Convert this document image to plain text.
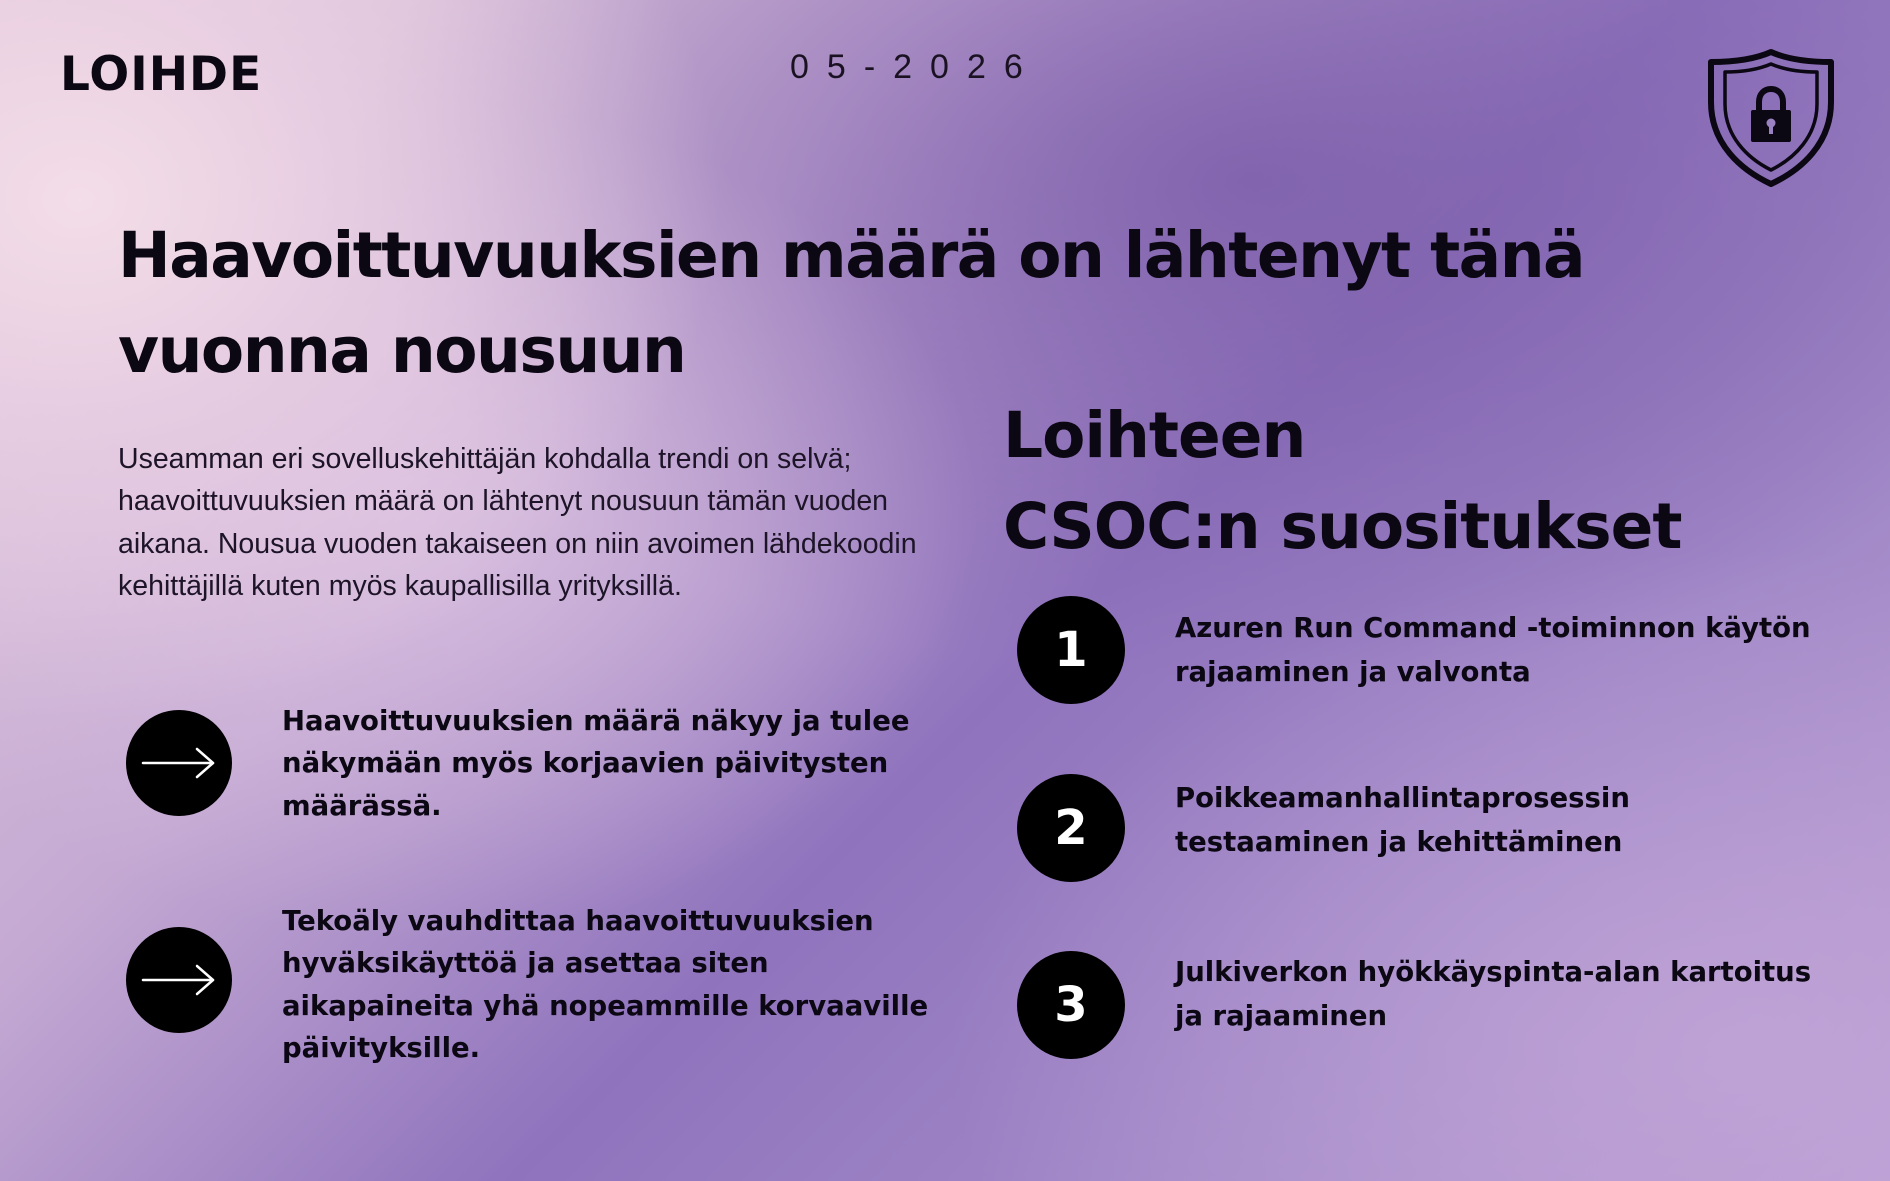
LOIHDE	05-2026
Haavoittuvuuksien määrä on lähtenyt tänä vuonna nousuun

Useamman eri sovelluskehittäjän kohdalla trendi on selvä; haavoittuvuuksien määrä on lähtenyt nousuun tämän vuoden aikana. Nousua vuoden takaiseen on niin avoimen lähdekoodin kehittäjillä kuten myös kaupallisilla yrityksillä.

Haavoittuvuuksien määrä näkyy ja tulee näkymään myös korjaavien päivitysten määrässä.

Tekoäly vauhdittaa haavoittuvuuksien hyväksikäyttöä ja asettaa siten aikapaineita yhä nopeammille korvaaville päivityksille.

Loihteen
CSOC:n suositukset
1	Azuren Run Command -toiminnon käytön rajaaminen ja valvonta

2

Poikkeamanhallintaprosessin testaaminen ja kehittäminen

3

Julkiverkon hyökkäyspinta-alan kartoitus ja rajaaminen
